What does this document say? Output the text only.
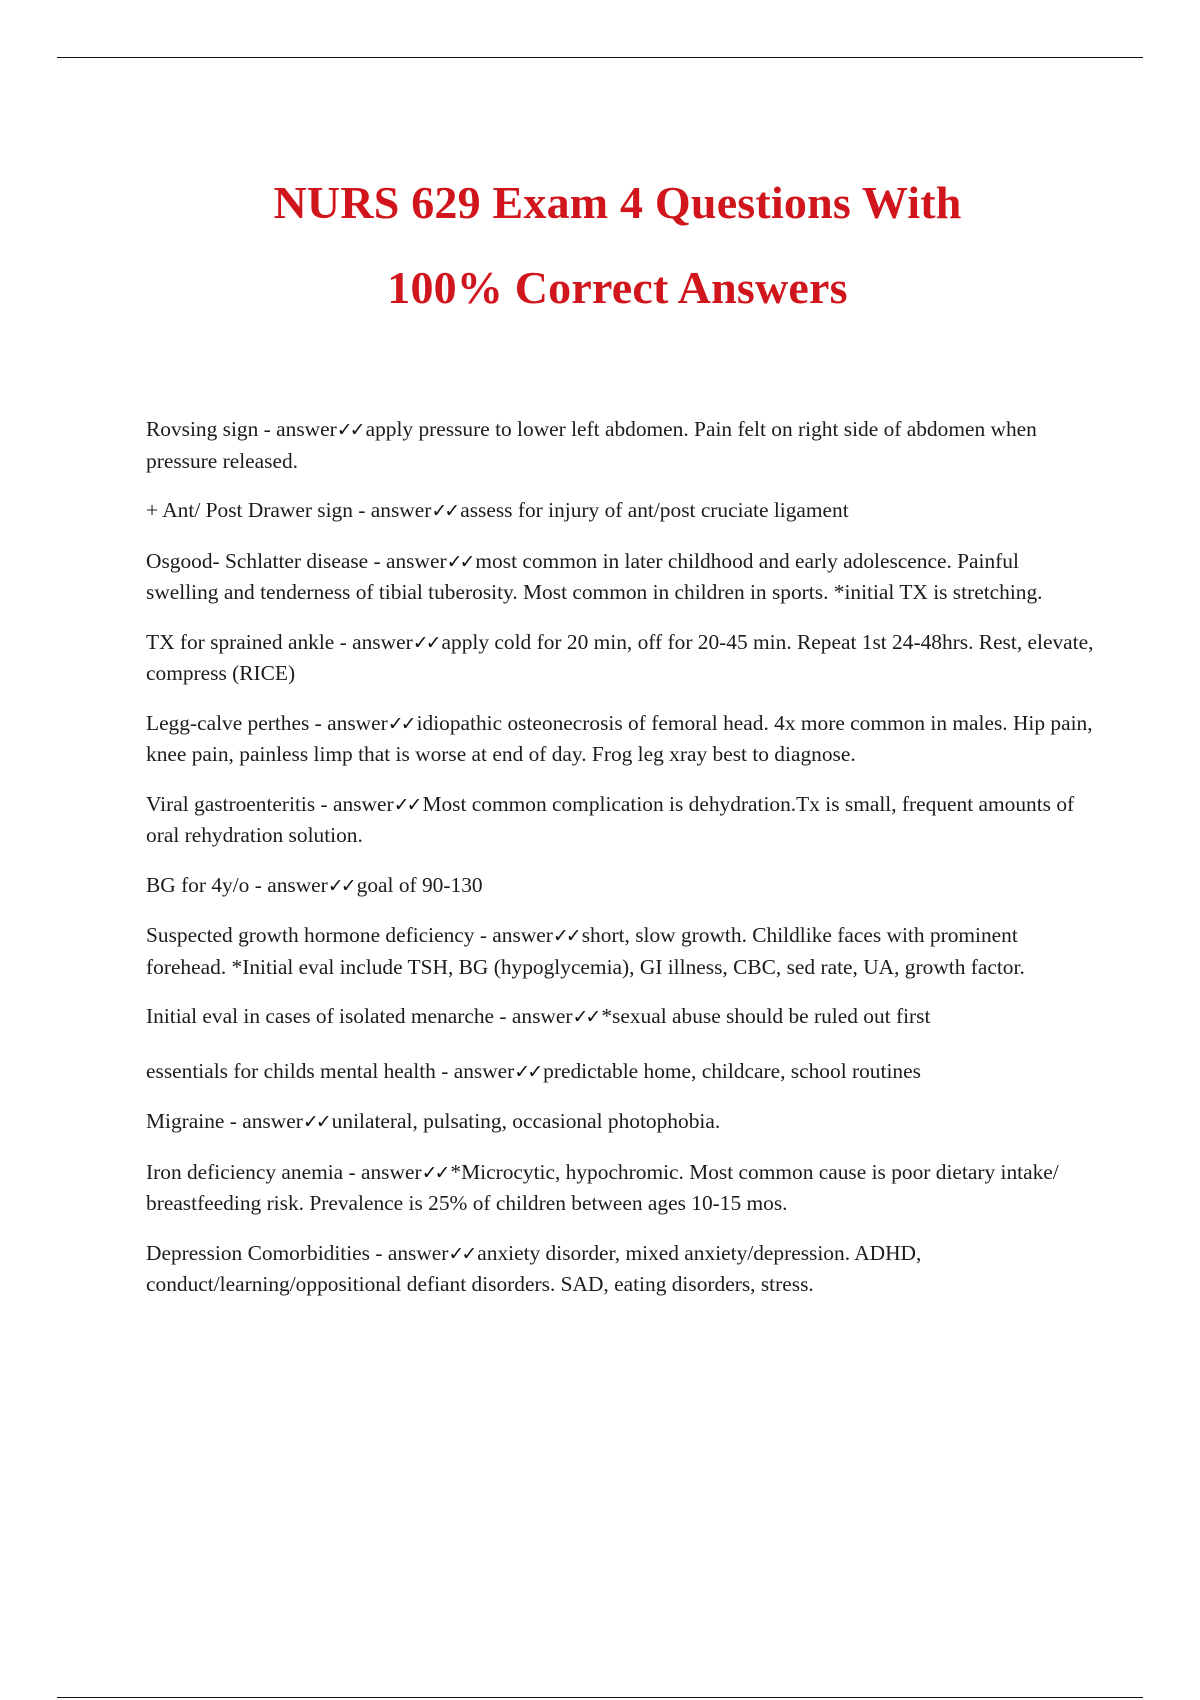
NURS 629 Exam 4 Questions With
100% Correct Answers
Rovsing sign - answer✓✓ apply pressure to lower left abdomen. Pain felt on right side of abdomen when pressure released.
+ Ant/ Post Drawer sign - answer✓✓ assess for injury of ant/post cruciate ligament
Osgood- Schlatter disease - answer✓✓ most common in later childhood and early adolescence. Painful swelling and tenderness of tibial tuberosity. Most common in children in sports. *initial TX is stretching.
TX for sprained ankle - answer✓✓ apply cold for 20 min, off for 20-45 min. Repeat 1st 24-48hrs. Rest, elevate, compress (RICE)
Legg-calve perthes - answer✓✓ idiopathic osteonecrosis of femoral head. 4x more common in males. Hip pain, knee pain, painless limp that is worse at end of day. Frog leg xray best to diagnose.
Viral gastroenteritis - answer✓✓ Most common complication is dehydration.Tx is small, frequent amounts of oral rehydration solution.
BG for 4y/o - answer✓✓ goal of 90-130
Suspected growth hormone deficiency - answer✓✓ short, slow growth. Childlike faces with prominent forehead. *Initial eval include TSH, BG (hypoglycemia), GI illness, CBC, sed rate, UA, growth factor.
Initial eval in cases of isolated menarche - answer✓✓ *sexual abuse should be ruled out first
essentials for childs mental health - answer✓✓ predictable home, childcare, school routines
Migraine - answer✓✓ unilateral, pulsating, occasional photophobia.
Iron deficiency anemia - answer✓✓ *Microcytic, hypochromic. Most common cause is poor dietary intake/ breastfeeding risk. Prevalence is 25% of children between ages 10-15 mos.
Depression Comorbidities - answer✓✓ anxiety disorder, mixed anxiety/depression. ADHD, conduct/learning/oppositional defiant disorders. SAD, eating disorders, stress.
